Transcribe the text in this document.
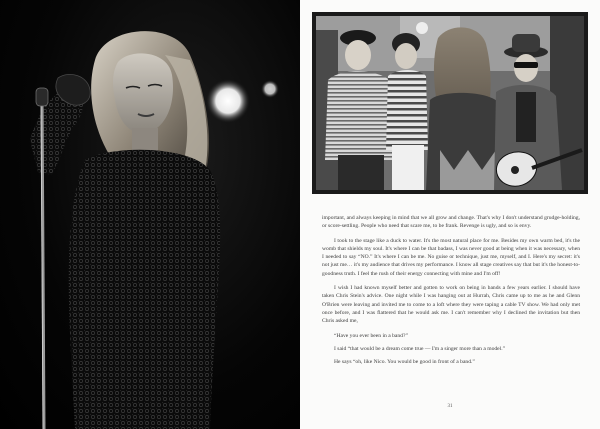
important, and always keeping in mind that we all grow and change. That's why I don't understand grudge-holding, or score-settling. People who need that scare me, to be frank. Revenge is ugly, and so is envy.

I took to the stage like a duck to water. It's the most natural place for me. Besides my own warm bed, it's the womb that shields my soul. It's where I can be that badass, I was never good at being when it was necessary, when I needed to say “NO.” It's where I can be me. No guise or technique, just me, myself, and I. Here's my secret: it's not just me… it's my audience that drives my performance. I know all stage creatives say that but it's the honest-to-goodness truth. I feel the rush of their energy connecting with mine and I'm off!

I wish I had known myself better and gotten to work on being in bands a few years earlier. I should have taken Chris Stein's advice. One night while I was hanging out at Hurrah, Chris came up to me as he and Glenn O'Brien were leaving and invited me to come to a loft where they were taping a cable TV show. We had only met once before, and I was flattered that he would ask me. I can't remember why I declined the invitation but then Chris asked me,

“Have you ever been in a band?”

I said “that would be a dream come true — I'm a singer more than a model.”

He says “oh, like Nico. You would be good in front of a band.”

31
